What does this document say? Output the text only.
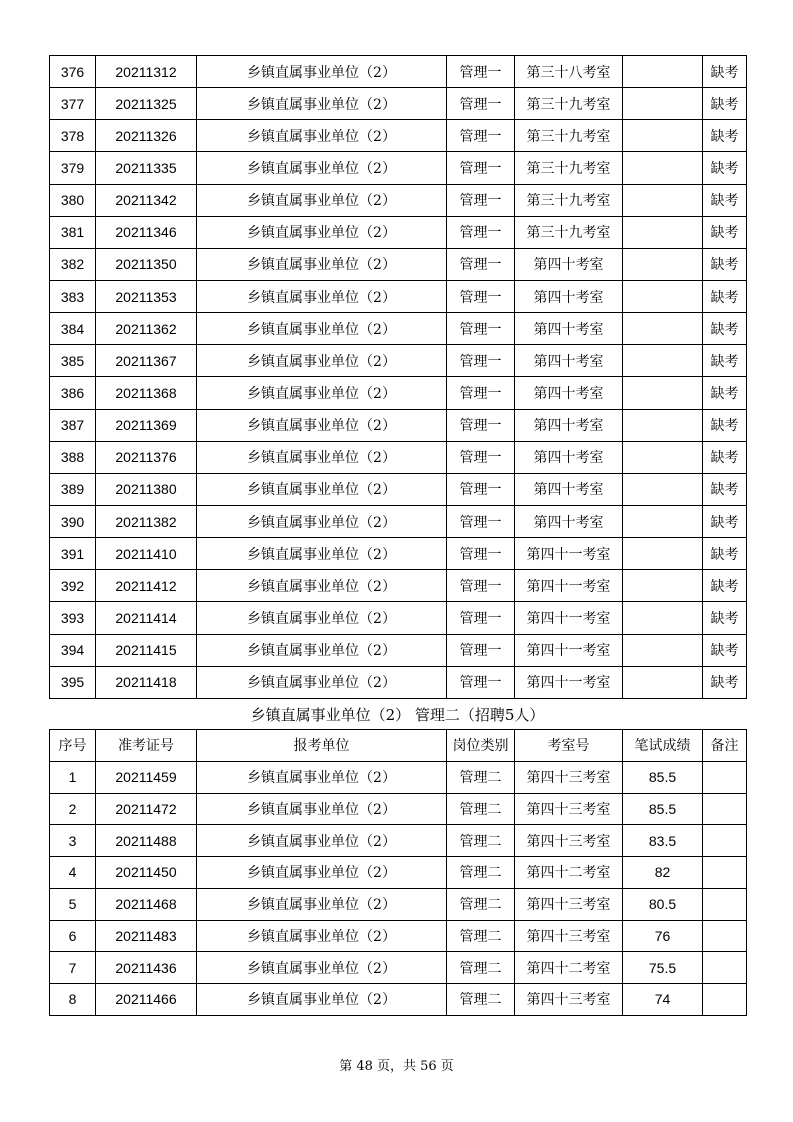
376	20211312	乡镇直属事业单位（2）	管理一	第三十八考室		缺考
377	20211325	乡镇直属事业单位（2）	管理一	第三十九考室		缺考
378	20211326	乡镇直属事业单位（2）	管理一	第三十九考室		缺考
379	20211335	乡镇直属事业单位（2）	管理一	第三十九考室		缺考
380	20211342	乡镇直属事业单位（2）	管理一	第三十九考室		缺考
381	20211346	乡镇直属事业单位（2）	管理一	第三十九考室		缺考
382	20211350	乡镇直属事业单位（2）	管理一	第四十考室		缺考
383	20211353	乡镇直属事业单位（2）	管理一	第四十考室		缺考
384	20211362	乡镇直属事业单位（2）	管理一	第四十考室		缺考
385	20211367	乡镇直属事业单位（2）	管理一	第四十考室		缺考
386	20211368	乡镇直属事业单位（2）	管理一	第四十考室		缺考
387	20211369	乡镇直属事业单位（2）	管理一	第四十考室		缺考
388	20211376	乡镇直属事业单位（2）	管理一	第四十考室		缺考
389	20211380	乡镇直属事业单位（2）	管理一	第四十考室		缺考
390	20211382	乡镇直属事业单位（2）	管理一	第四十考室		缺考
391	20211410	乡镇直属事业单位（2）	管理一	第四十一考室		缺考
392	20211412	乡镇直属事业单位（2）	管理一	第四十一考室		缺考
393	20211414	乡镇直属事业单位（2）	管理一	第四十一考室		缺考
394	20211415	乡镇直属事业单位（2）	管理一	第四十一考室		缺考
395	20211418	乡镇直属事业单位（2）	管理一	第四十一考室		缺考
乡镇直属事业单位（2） 管理二（招聘5人）
序号	准考证号	报考单位	岗位类别	考室号	笔试成绩	备注
1	20211459	乡镇直属事业单位（2）	管理二	第四十三考室	85.5	
2	20211472	乡镇直属事业单位（2）	管理二	第四十三考室	85.5	
3	20211488	乡镇直属事业单位（2）	管理二	第四十三考室	83.5	
4	20211450	乡镇直属事业单位（2）	管理二	第四十二考室	82	
5	20211468	乡镇直属事业单位（2）	管理二	第四十三考室	80.5	
6	20211483	乡镇直属事业单位（2）	管理二	第四十三考室	76	
7	20211436	乡镇直属事业单位（2）	管理二	第四十二考室	75.5	
8	20211466	乡镇直属事业单位（2）	管理二	第四十三考室	74	
第 48 页，共 56 页
